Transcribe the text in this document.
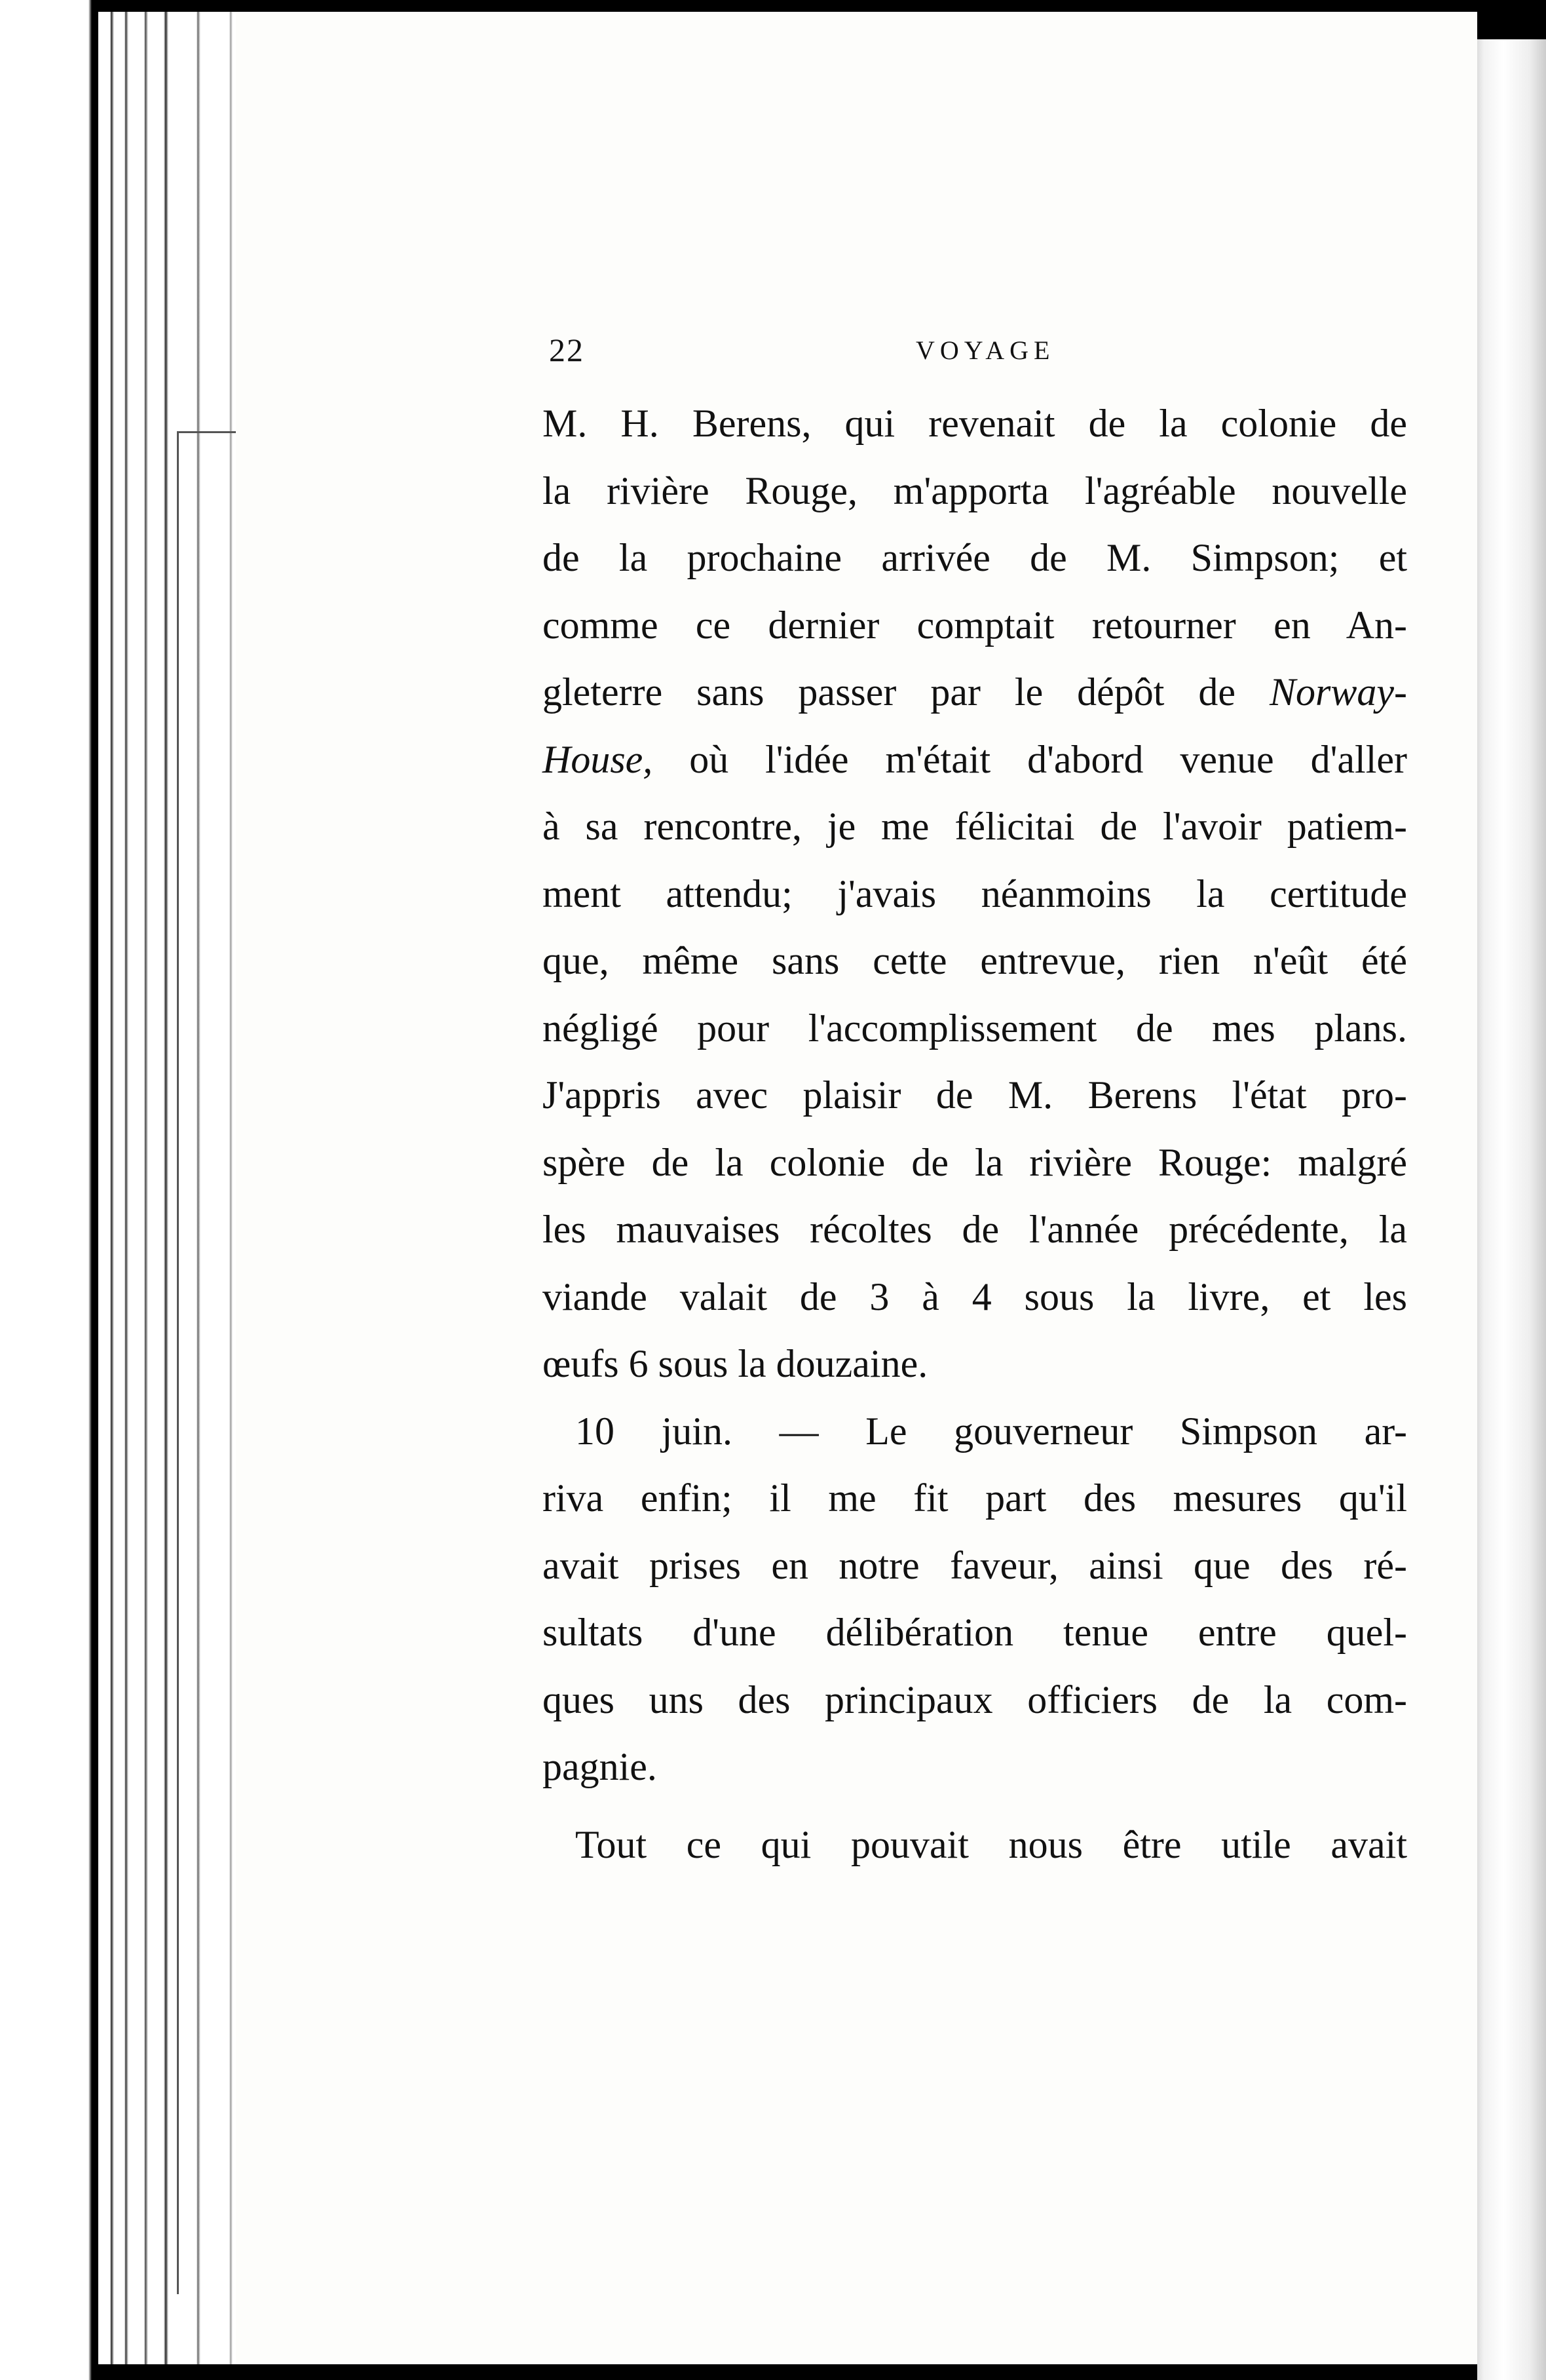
22	VOYAGE

M. H. Berens, qui revenait de la colonie de
la rivière Rouge, m'apporta l'agréable nouvelle
de la prochaine arrivée de M. Simpson; et
comme ce dernier comptait retourner en An-
gleterre sans passer par le dépôt de Norway-
House, où l'idée m'était d'abord venue d'aller
à sa rencontre, je me félicitai de l'avoir patiem-
ment attendu; j'avais néanmoins la certitude
que, même sans cette entrevue, rien n'eût été
négligé pour l'accomplissement de mes plans.
J'appris avec plaisir de M. Berens l'état pro-
spère de la colonie de la rivière Rouge: malgré
les mauvaises récoltes de l'année précédente, la
viande valait de 3 à 4 sous la livre, et les
œufs 6 sous la douzaine.

10 juin. — Le gouverneur Simpson ar-
riva enfin; il me fit part des mesures qu'il
avait prises en notre faveur, ainsi que des ré-
sultats d'une délibération tenue entre quel-
ques uns des principaux officiers de la com-
pagnie.

Tout ce qui pouvait nous être utile avait
